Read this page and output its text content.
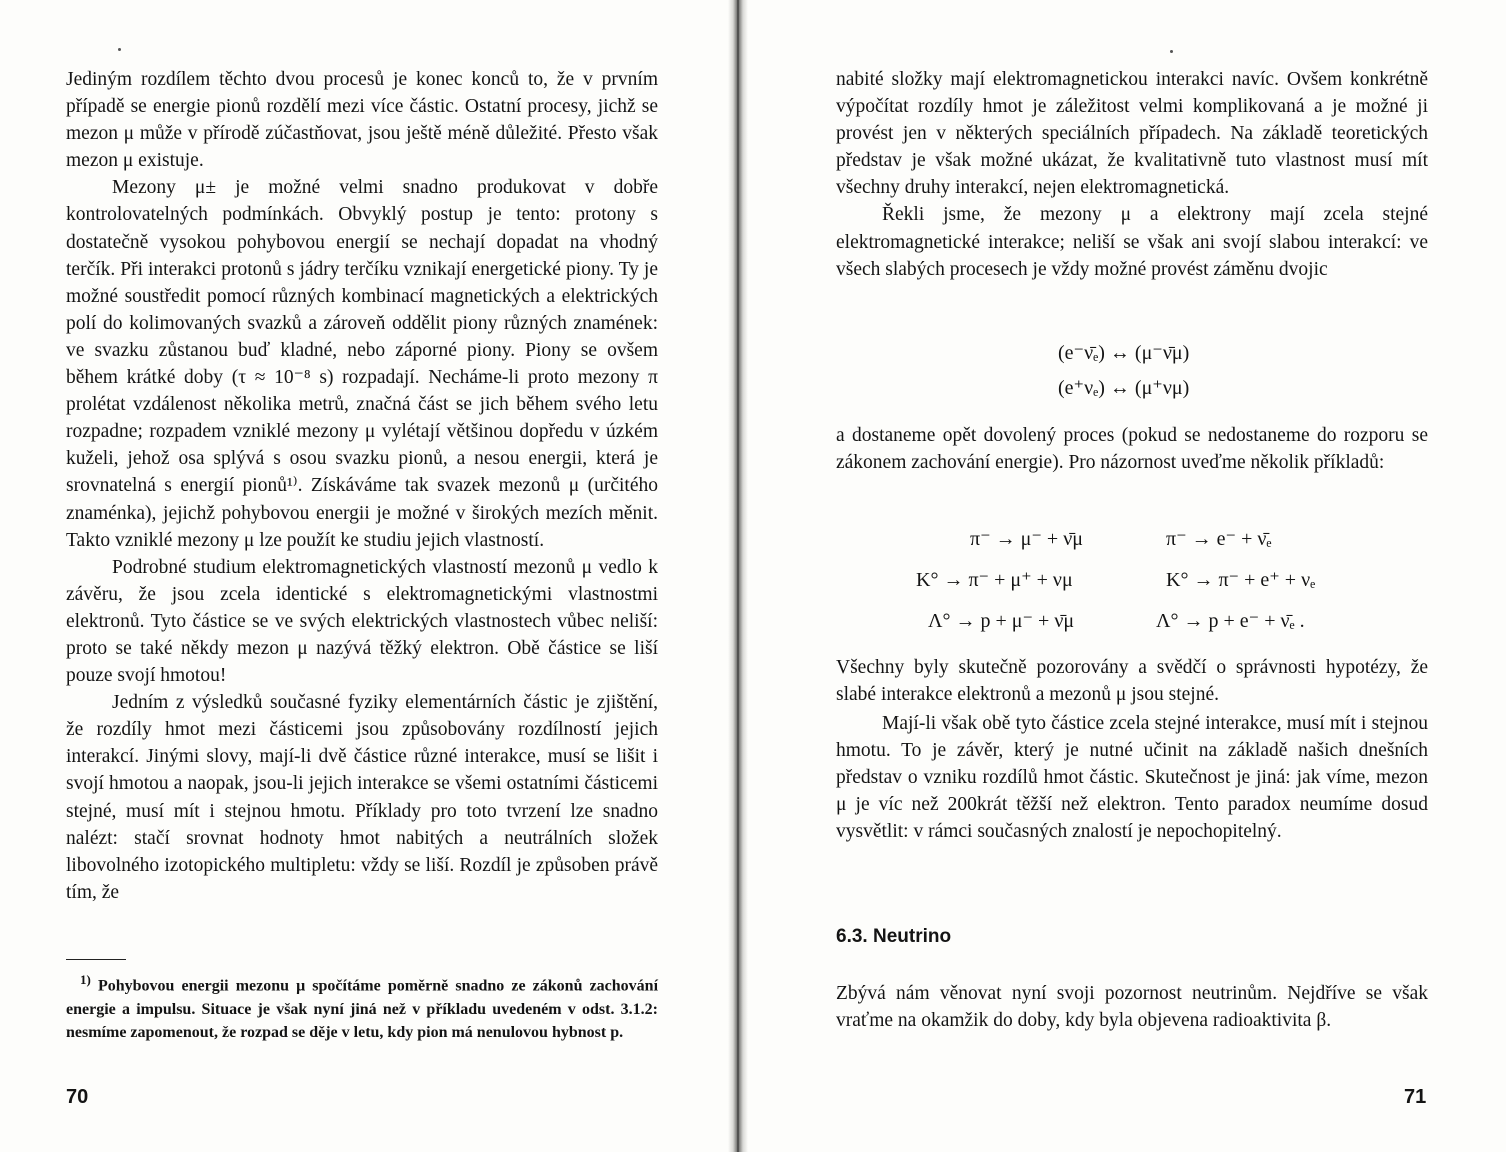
Jediným rozdílem těchto dvou procesů je konec konců to, že v prvním případě se energie pionů rozdělí mezi více částic. Ostatní procesy, jichž se mezon μ může v přírodě zúčastňovat, jsou ještě méně důležité. Přesto však mezon μ existuje.

Mezony μ± je možné velmi snadno produkovat v dobře kontrolovatelných podmínkách. Obvyklý postup je tento: protony s dostatečně vysokou pohybovou energií se nechají dopadat na vhodný terčík. Při interakci protonů s jádry terčíku vznikají energetické piony. Ty je možné soustředit pomocí různých kombinací magnetických a elektrických polí do kolimovaných svazků a zároveň oddělit piony různých znamének: ve svazku zůstanou buď kladné, nebo záporné piony. Piony se ovšem během krátké doby (τ ≈ 10⁻⁸ s) rozpadají. Necháme-li proto mezony π prolétat vzdálenost několika metrů, značná část se jich během svého letu rozpadne; rozpadem vzniklé mezony μ vylétají většinou dopředu v úzkém kuželi, jehož osa splývá s osou svazku pionů, a nesou energii, která je srovnatelná s energií pionů¹⁾. Získáváme tak svazek mezonů μ (určitého znaménka), jejichž pohybovou energii je možné v širokých mezích měnit. Takto vzniklé mezony μ lze použít ke studiu jejich vlastností.

Podrobné studium elektromagnetických vlastností mezonů μ vedlo k závěru, že jsou zcela identické s elektromagnetickými vlastnostmi elektronů. Tyto částice se ve svých elektrických vlastnostech vůbec neliší: proto se také někdy mezon μ nazývá těžký elektron. Obě částice se liší pouze svojí hmotou!

Jedním z výsledků současné fyziky elementárních částic je zjištění, že rozdíly hmot mezi částicemi jsou způsobovány rozdílností jejich interakcí. Jinými slovy, mají-li dvě částice různé interakce, musí se lišit i svojí hmotou a naopak, jsou-li jejich interakce se všemi ostatními částicemi stejné, musí mít i stejnou hmotu. Příklady pro toto tvrzení lze snadno nalézt: stačí srovnat hodnoty hmot nabitých a neutrálních složek libovolného izotopického multipletu: vždy se liší. Rozdíl je způsoben právě tím, že

$^{1)}$ Pohybovou energii mezonu μ spočítáme poměrně snadno ze zákonů zachování energie a impulsu. Situace je však nyní jiná než v příkladu uvedeném v odst. 3.1.2: nesmíme zapomenout, že rozpad se děje v letu, kdy pion má nenulovou hybnost p.
70

nabité složky mají elektromagnetickou interakci navíc. Ovšem konkrétně výpočítat rozdíly hmot je záležitost velmi komplikovaná a je možné ji provést jen v některých speciálních případech. Na základě teoretických představ je však možné ukázat, že kvalitativně tuto vlastnost musí mít všechny druhy interakcí, nejen elektromagnetická.

Řekli jsme, že mezony μ a elektrony mají zcela stejné elektromagnetické interakce; neliší se však ani svojí slabou interakcí: ve všech slabých procesech je vždy možné provést záměnu dvojic

(e⁻ν̄ₑ) ↔ (μ⁻ν̄μ)
(e⁺νₑ) ↔ (μ⁺νμ)
a dostaneme opět dovolený proces (pokud se nedostaneme do rozporu se zákonem zachování energie). Pro názornost uveďme několik příkladů:
π⁻ → μ⁻ + ν̄μ	π⁻ → e⁻ + ν̄ₑ
K° → π⁻ + μ⁺ + νμ	K° → π⁻ + e⁺ + νₑ
Λ° → p + μ⁻ + ν̄μ	Λ° → p + e⁻ + ν̄ₑ .
Všechny byly skutečně pozorovány a svědčí o správnosti hypotézy, že slabé interakce elektronů a mezonů μ jsou stejné.
Mají-li však obě tyto částice zcela stejné interakce, musí mít i stejnou hmotu. To je závěr, který je nutné učinit na základě našich dnešních představ o vzniku rozdílů hmot částic. Skutečnost je jiná: jak víme, mezon μ je víc než 200krát těžší než elektron. Tento paradox neumíme dosud vysvětlit: v rámci současných znalostí je nepochopitelný.
6.3. Neutrino
Zbývá nám věnovat nyní svoji pozornost neutrinům. Nejdříve se však vraťme na okamžik do doby, kdy byla objevena radioaktivita β.
71
